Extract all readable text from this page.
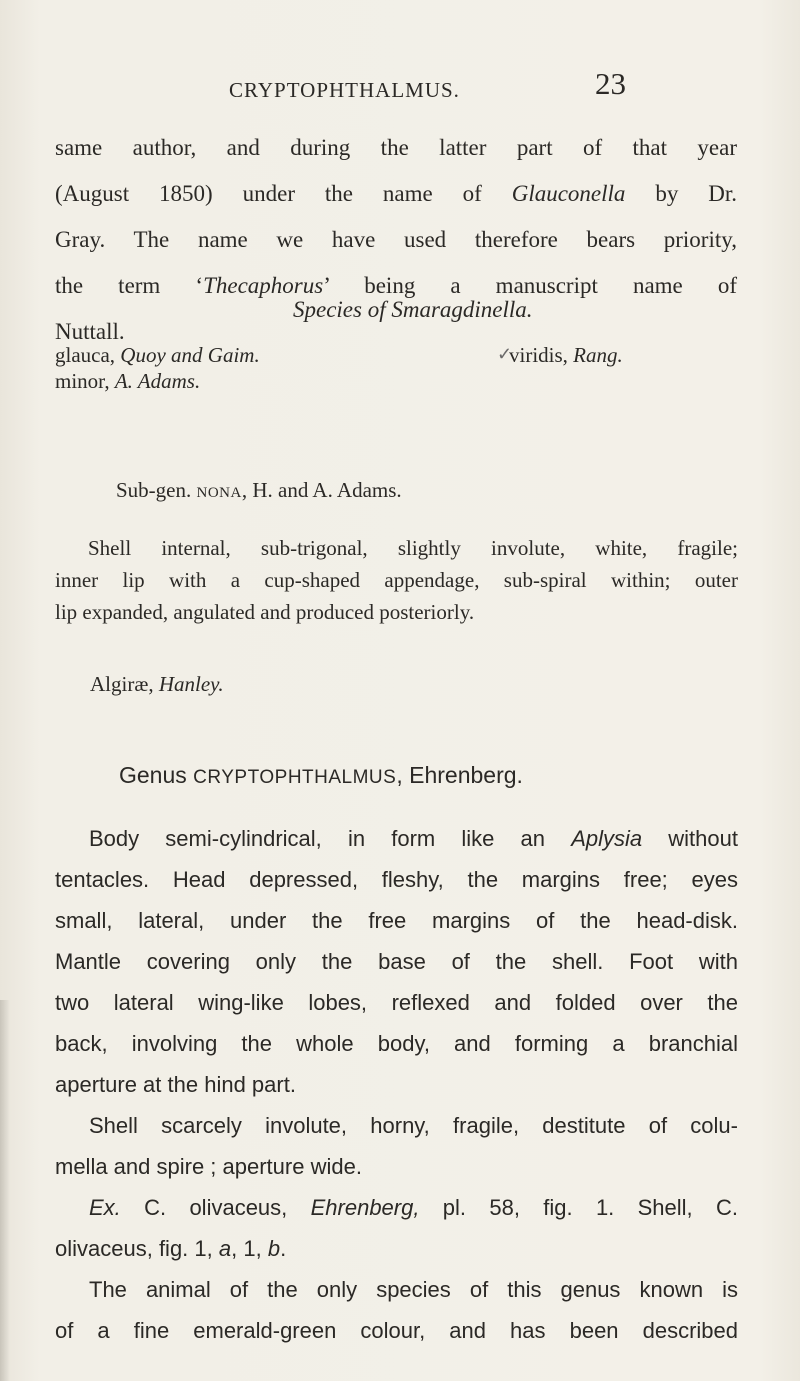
CRYPTOPHTHALMUS.	23
same author, and during the latter part of that year
(August 1850) under the name of Glauconella by Dr.
Gray. The name we have used therefore bears priority,
the term ‘Thecaphorus’ being a manuscript name of
Nuttall.
Species of Smaragdinella.
glauca, Quoy and Gaim.	✓
viridis, Rang.
minor, A. Adams.
Sub-gen. nona, H. and A. Adams.
Shell internal, sub-trigonal, slightly involute, white, fragile;
inner lip with a cup-shaped appendage, sub-spiral within; outer
lip expanded, angulated and produced posteriorly.
Algiræ, Hanley.
Genus CRYPTOPHTHALMUS, Ehrenberg.
Body semi-cylindrical, in form like an Aplysia without
tentacles. Head depressed, fleshy, the margins free; eyes
small, lateral, under the free margins of the head-disk.
Mantle covering only the base of the shell. Foot with
two lateral wing-like lobes, reflexed and folded over the
back, involving the whole body, and forming a branchial
aperture at the hind part.
Shell scarcely involute, horny, fragile, destitute of colu-
mella and spire ; aperture wide.
Ex. C. olivaceus, Ehrenberg, pl. 58, fig. 1. Shell, C.
olivaceus, fig. 1, a, 1, b.
The animal of the only species of this genus known is
of a fine emerald-green colour, and has been described
